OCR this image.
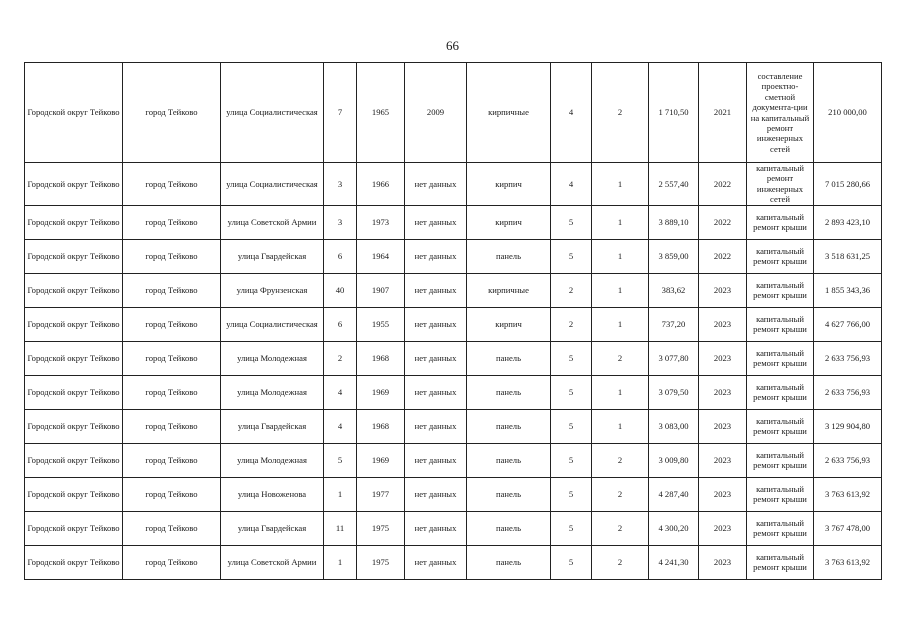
66
Городской округ Тейково	город Тейково	улица Социалистическая	7	1965	2009	кирпичные	4	2	1 710,50	2021	составление проектно-сметной документа-ции на капитальный ремонт инженерных сетей	210 000,00
Городской округ Тейково	город Тейково	улица Социалистическая	3	1966	нет данных	кирпич	4	1	2 557,40	2022	капитальный ремонт инженерных сетей	7 015 280,66
Городской округ Тейково	город Тейково	улица Советской Армии	3	1973	нет данных	кирпич	5	1	3 889,10	2022	капитальный ремонт крыши	2 893 423,10
Городской округ Тейково	город Тейково	улица Гвардейская	6	1964	нет данных	панель	5	1	3 859,00	2022	капитальный ремонт крыши	3 518 631,25
Городской округ Тейково	город Тейково	улица Фрунзенская	40	1907	нет данных	кирпичные	2	1	383,62	2023	капитальный ремонт крыши	1 855 343,36
Городской округ Тейково	город Тейково	улица Социалистическая	6	1955	нет данных	кирпич	2	1	737,20	2023	капитальный ремонт крыши	4 627 766,00
Городской округ Тейково	город Тейково	улица Молодежная	2	1968	нет данных	панель	5	2	3 077,80	2023	капитальный ремонт крыши	2 633 756,93
Городской округ Тейково	город Тейково	улица Молодежная	4	1969	нет данных	панель	5	1	3 079,50	2023	капитальный ремонт крыши	2 633 756,93
Городской округ Тейково	город Тейково	улица Гвардейская	4	1968	нет данных	панель	5	1	3 083,00	2023	капитальный ремонт крыши	3 129 904,80
Городской округ Тейково	город Тейково	улица Молодежная	5	1969	нет данных	панель	5	2	3 009,80	2023	капитальный ремонт крыши	2 633 756,93
Городской округ Тейково	город Тейково	улица Новоженова	1	1977	нет данных	панель	5	2	4 287,40	2023	капитальный ремонт крыши	3 763 613,92
Городской округ Тейково	город Тейково	улица Гвардейская	11	1975	нет данных	панель	5	2	4 300,20	2023	капитальный ремонт крыши	3 767 478,00
Городской округ Тейково	город Тейково	улица Советской Армии	1	1975	нет данных	панель	5	2	4 241,30	2023	капитальный ремонт крыши	3 763 613,92
